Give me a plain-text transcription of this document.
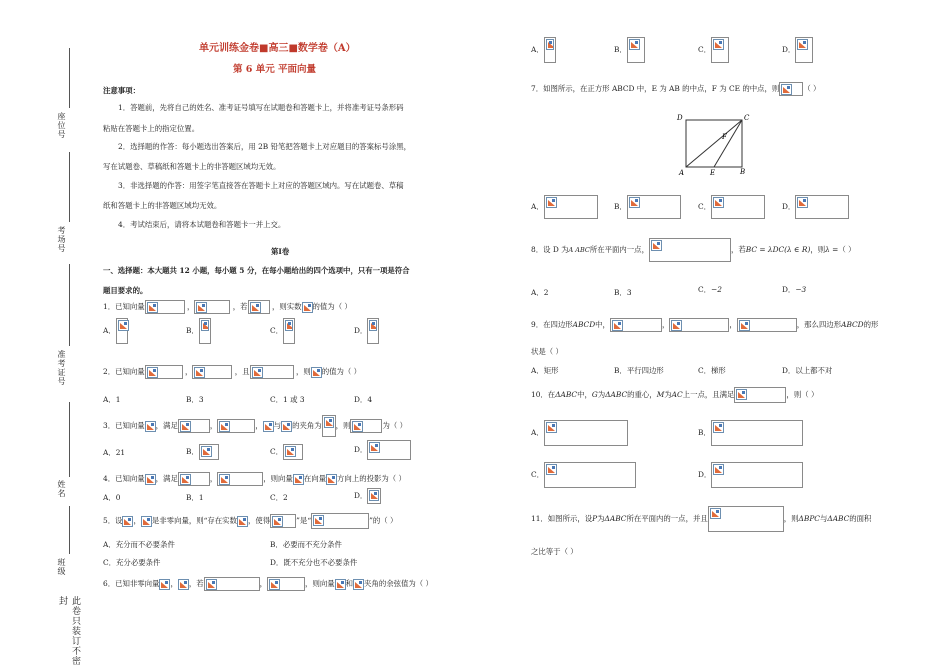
座位号
考场号
准考证号
姓名
班级
此卷只装订不密封
单元训练金卷■高三■数学卷（A）
第 6 单元 平面向量
注意事项：
1．答题前，先将自己的姓名、准考证号填写在试题卷和答题卡上，并将准考证号条形码
粘贴在答题卡上的指定位置。
2．选择题的作答：每小题选出答案后，用 2B 铅笔把答题卡上对应题目的答案标号涂黑，
写在试题卷、草稿纸和答题卡上的非答题区域均无效。
3．非选择题的作答：用签字笔直接答在答题卡上对应的答题区域内。写在试题卷、草稿
纸和答题卡上的非答题区域均无效。
4．考试结束后，请将本试题卷和答题卡一并上交。
第Ⅰ卷
一、选择题：本大题共 12 小题，每小题 5 分，在每小题给出的四个选项中，只有一项是符合
题目要求的。
1．已知向量	，	，若	，则实数 的值为（ ）
A．	B．	C．	D．
2．已知向量	，	，且	，则 的值为（ ）
A．1	B．3	C．1 或 3	D．4
3．已知向量 ，满足	，	， 与 的夹角为 ，则	为（ ）
A．21	B．	C．	D．
4．已知向量 ，满足	，	，则向量 在向量 方向上的投影为（ ）
A．0	B．1	C．2	D．
5．设 ， 是非零向量，则“存在实数 ，使得	”是“	”的（ ）
A．充分而不必要条件	B．必要而不充分条件
C．充分必要条件	D．既不充分也不必要条件
6．已知非零向量 ， ，若	，	，则向量 和 夹角的余弦值为（ ）
A．	B．	C．	D．
7．如图所示，在正方形 ABCD 中，E 为 AB 的中点，F 为 CE 的中点，则	（ ）
D	C
F
A	E	B
A．	B．	C．	D．
8．设 D 为A ABC所在平面内一点，	，若BC = λDC(λ ∈ R)，则λ =（ ）
A．2	B．3	C．−2	D．−3
9．在四边形ABCD中，	，	，	，那么四边形ABCD的形
状是（ ）
A．矩形	B．平行四边形	C．梯形	D．以上都不对
10．在ΔABC中，G为ΔABC的重心，M为AC上一点，且满足	，则（ ）
A．	B．
C．	D．
11．如图所示，设P为ΔABC所在平面内的一点，并且	，则ΔBPC与ΔABC的面积
之比等于（ ）
